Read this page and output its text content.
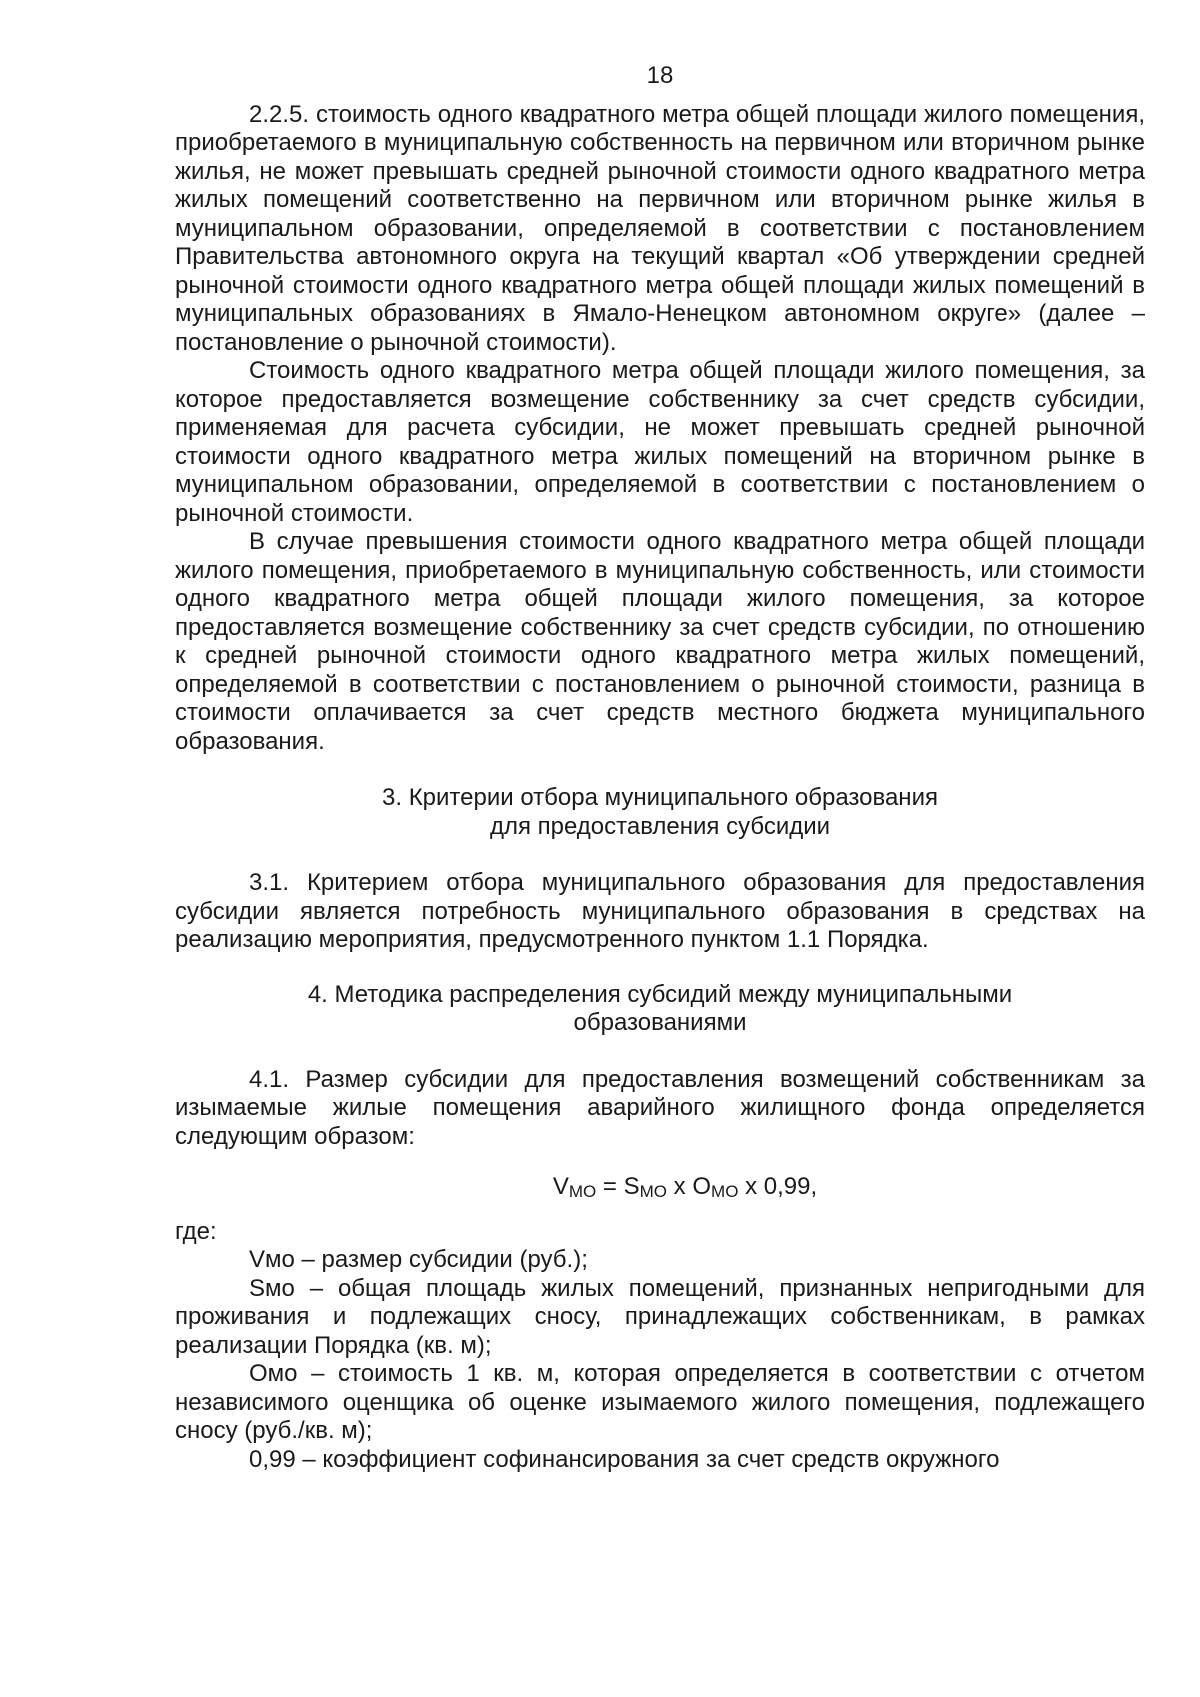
18

2.2.5. стоимость одного квадратного метра общей площади жилого помещения, приобретаемого в муниципальную собственность на первичном или вторичном рынке жилья, не может превышать средней рыночной стоимости одного квадратного метра жилых помещений соответственно на первичном или вторичном рынке жилья в муниципальном образовании, определяемой в соответствии с постановлением Правительства автономного округа на текущий квартал «Об утверждении средней рыночной стоимости одного квадратного метра общей площади жилых помещений в муниципальных образованиях в Ямало-Ненецком автономном округе» (далее – постановление о рыночной стоимости).

Стоимость одного квадратного метра общей площади жилого помещения, за которое предоставляется возмещение собственнику за счет средств субсидии, применяемая для расчета субсидии, не может превышать средней рыночной стоимости одного квадратного метра жилых помещений на вторичном рынке в муниципальном образовании, определяемой в соответствии с постановлением о рыночной стоимости.

В случае превышения стоимости одного квадратного метра общей площади жилого помещения, приобретаемого в муниципальную собственность, или стоимости одного квадратного метра общей площади жилого помещения, за которое предоставляется возмещение собственнику за счет средств субсидии, по отношению к средней рыночной стоимости одного квадратного метра жилых помещений, определяемой в соответствии с постановлением о рыночной стоимости, разница в стоимости оплачивается за счет средств местного бюджета муниципального образования.

3. Критерии отбора муниципального образования
для предоставления субсидии

3.1. Критерием отбора муниципального образования для предоставления субсидии является потребность муниципального образования в средствах на реализацию мероприятия, предусмотренного пунктом 1.1 Порядка.

4. Методика распределения субсидий между муниципальными
образованиями

4.1. Размер субсидии для предоставления возмещений собственникам за изымаемые жилые помещения аварийного жилищного фонда определяется следующим образом:

$V_{МО} = S_{МО}$ x $O_{МО}$ x 0,99,

где:

Vмо – размер субсидии (руб.);

Sмо – общая площадь жилых помещений, признанных непригодными для проживания и подлежащих сносу, принадлежащих собственникам, в рамках реализации Порядка (кв. м);

Омо – стоимость 1 кв. м, которая определяется в соответствии с отчетом независимого оценщика об оценке изымаемого жилого помещения, подлежащего сносу (руб./кв. м);

0,99 – коэффициент софинансирования за счет средств окружного
